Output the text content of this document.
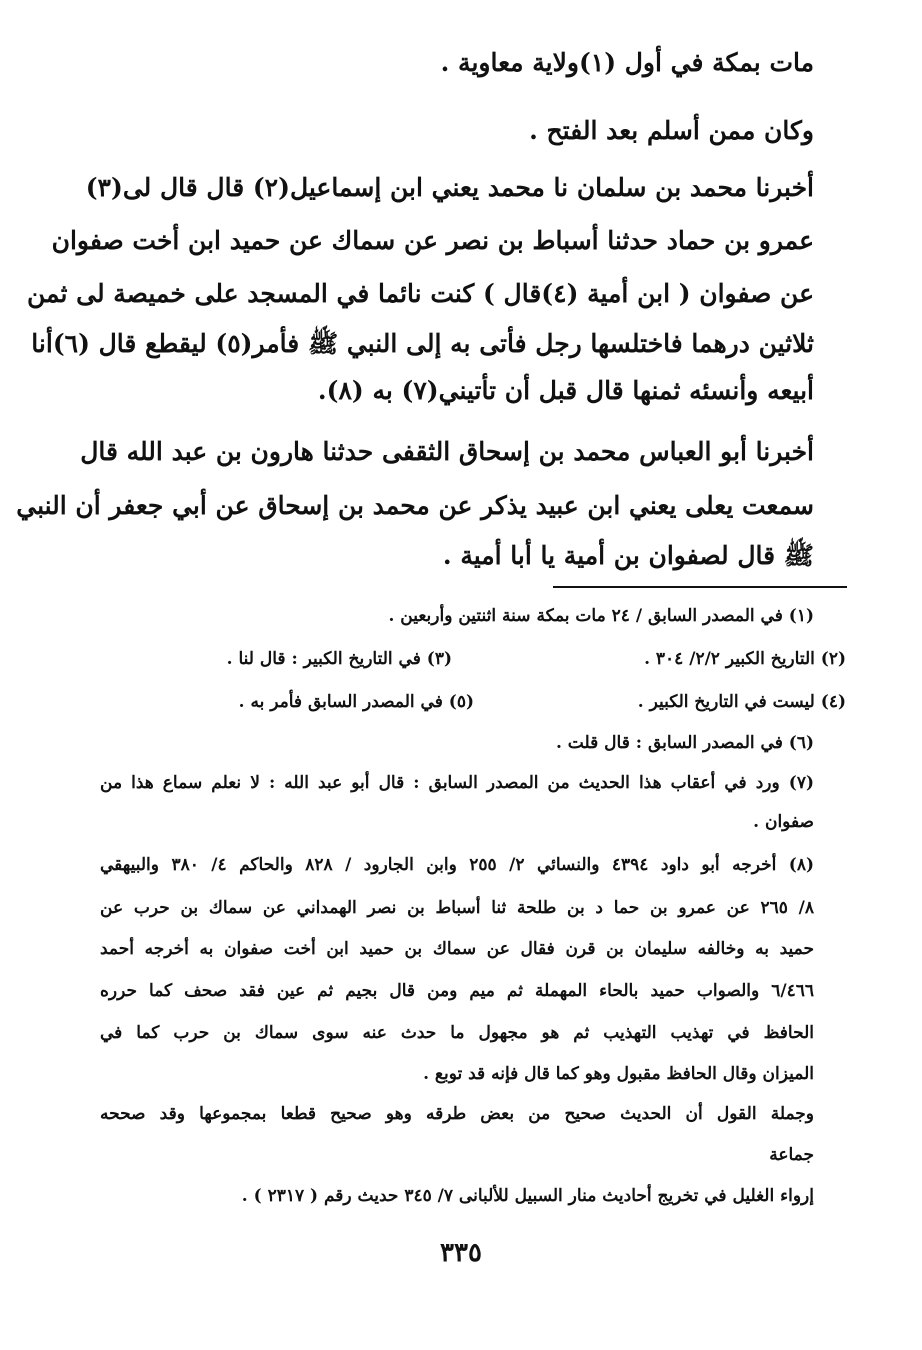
مات بمكة في أول (١)ولاية معاوية .
وكان ممن أسلم بعد الفتح .
أخبرنا محمد بن سلمان نا محمد يعني ابن إسماعيل(٢) قال قال لى(٣)
عمرو بن حماد حدثنا أسباط بن نصر عن سماك عن حميد ابن أخت صفوان
عن صفوان ( ابن أمية (٤)قال ) كنت نائما في المسجد على خميصة لى ثمن
ثلاثين درهما فاختلسها رجل فأتى به إلى النبي ﷺ فأمر(٥) ليقطع قال (٦)أنا
أبيعه وأنسئه ثمنها قال قبل أن تأتيني(٧) به (٨).
أخبرنا أبو العباس محمد بن إسحاق الثقفى حدثنا هارون بن عبد الله قال
سمعت يعلى يعني ابن عبيد يذكر عن محمد بن إسحاق عن أبي جعفر أن النبي
ﷺ قال لصفوان بن أمية يا أبا أمية .
(١) في المصدر السابق / ٢٤ مات بمكة سنة اثنتين وأربعين .
(٢) التاريخ الكبير ٢/٢/ ٣٠٤ .
(٣) في التاريخ الكبير : قال لنا .
(٤) ليست في التاريخ الكبير .
(٥) في المصدر السابق فأمر به .
(٦) في المصدر السابق : قال قلت .
(٧) ورد في أعقاب هذا الحديث من المصدر السابق : قال أبو عبد الله : لا نعلم سماع هذا من
صفوان .
(٨) أخرجه أبو داود ٤٣٩٤ والنسائي ٢/ ٢٥٥ وابن الجارود / ٨٢٨ والحاكم ٤/ ٣٨٠ والبيهقي
٨/ ٢٦٥ عن عمرو بن حما د بن طلحة ثنا أسباط بن نصر الهمداني عن سماك بن حرب عن
حميد به وخالفه سليمان بن قرن فقال عن سماك بن حميد ابن أخت صفوان به أخرجه أحمد
٦/٤٦٦ والصواب حميد بالحاء المهملة ثم ميم ومن قال بجيم ثم عين فقد صحف كما حرره
الحافظ في تهذيب التهذيب ثم هو مجهول ما حدث عنه سوى سماك بن حرب كما في
الميزان وقال الحافظ مقبول وهو كما قال فإنه قد توبع .
وجملة القول أن الحديث صحيح من بعض طرقه وهو صحيح قطعا بمجموعها وقد صححه
جماعة
إرواء الغليل في تخريج أحاديث منار السبيل للألبانى ٧/ ٣٤٥ حديث رقم ( ٢٣١٧ ) .
٣٣٥
